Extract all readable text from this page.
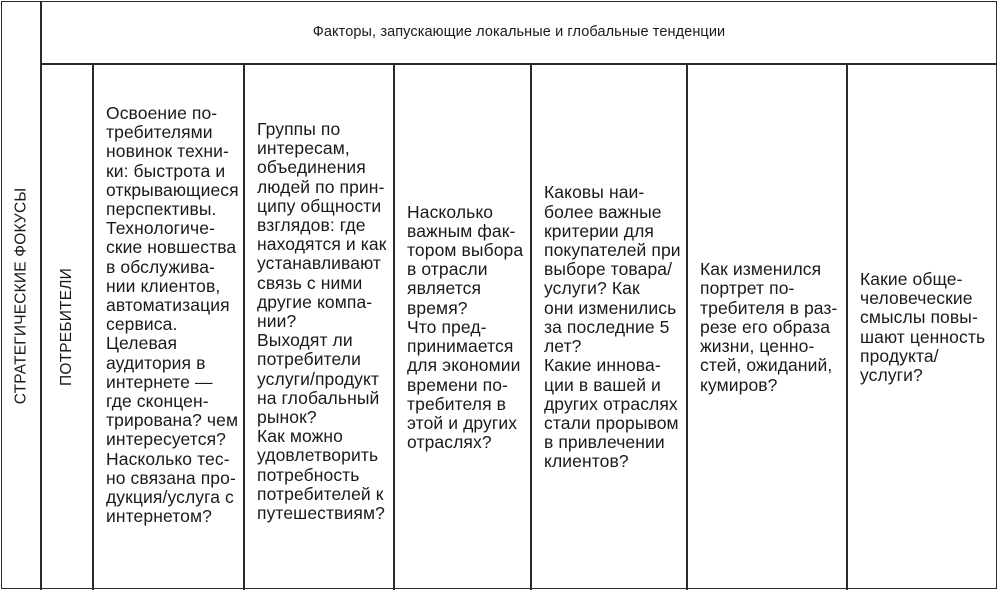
Факторы, запускающие локальные и глобальные тенденции
СТРАТЕГИЧЕСКИЕ ФОКУСЫ ПОТРЕБИТЕЛИ
Освоение по-
требителями
новинок техни-
ки: быстрота и
открывающиеся
перспективы.
Технологиче-
ские новшества
в обслужива-
нии клиентов,
автоматизация
сервиса.
Целевая
аудитория в
интернете —
где сконцен-
трирована? чем
интересуется?
Насколько тес-
но связана про-
дукция/услуга с
интернетом?
Группы по
интересам,
объединения
людей по прин-
ципу общности
взглядов: где
находятся и как
устанавливают
связь с ними
другие компа-
нии?
Выходят ли
потребители
услуги/продукт
на глобальный
рынок?
Как можно
удовлетворить
потребность
потребителей к
путешествиям?
Насколько
важным фак-
тором выбора
в отрасли
является
время?
Что пред-
принимается
для экономии
времени по-
требителя в
этой и других
отраслях?
Каковы наи-
более важные
критерии для
покупателей при
выборе товара/
услуги? Как
они изменились
за последние 5
лет?
Какие иннова-
ции в вашей и
других отраслях
стали прорывом
в привлечении
клиентов?
Как изменился
портрет по-
требителя в раз-
резе его образа
жизни, ценно-
стей, ожиданий,
кумиров?
Какие обще-
человеческие
смыслы повы-
шают ценность
продукта/
услуги?
